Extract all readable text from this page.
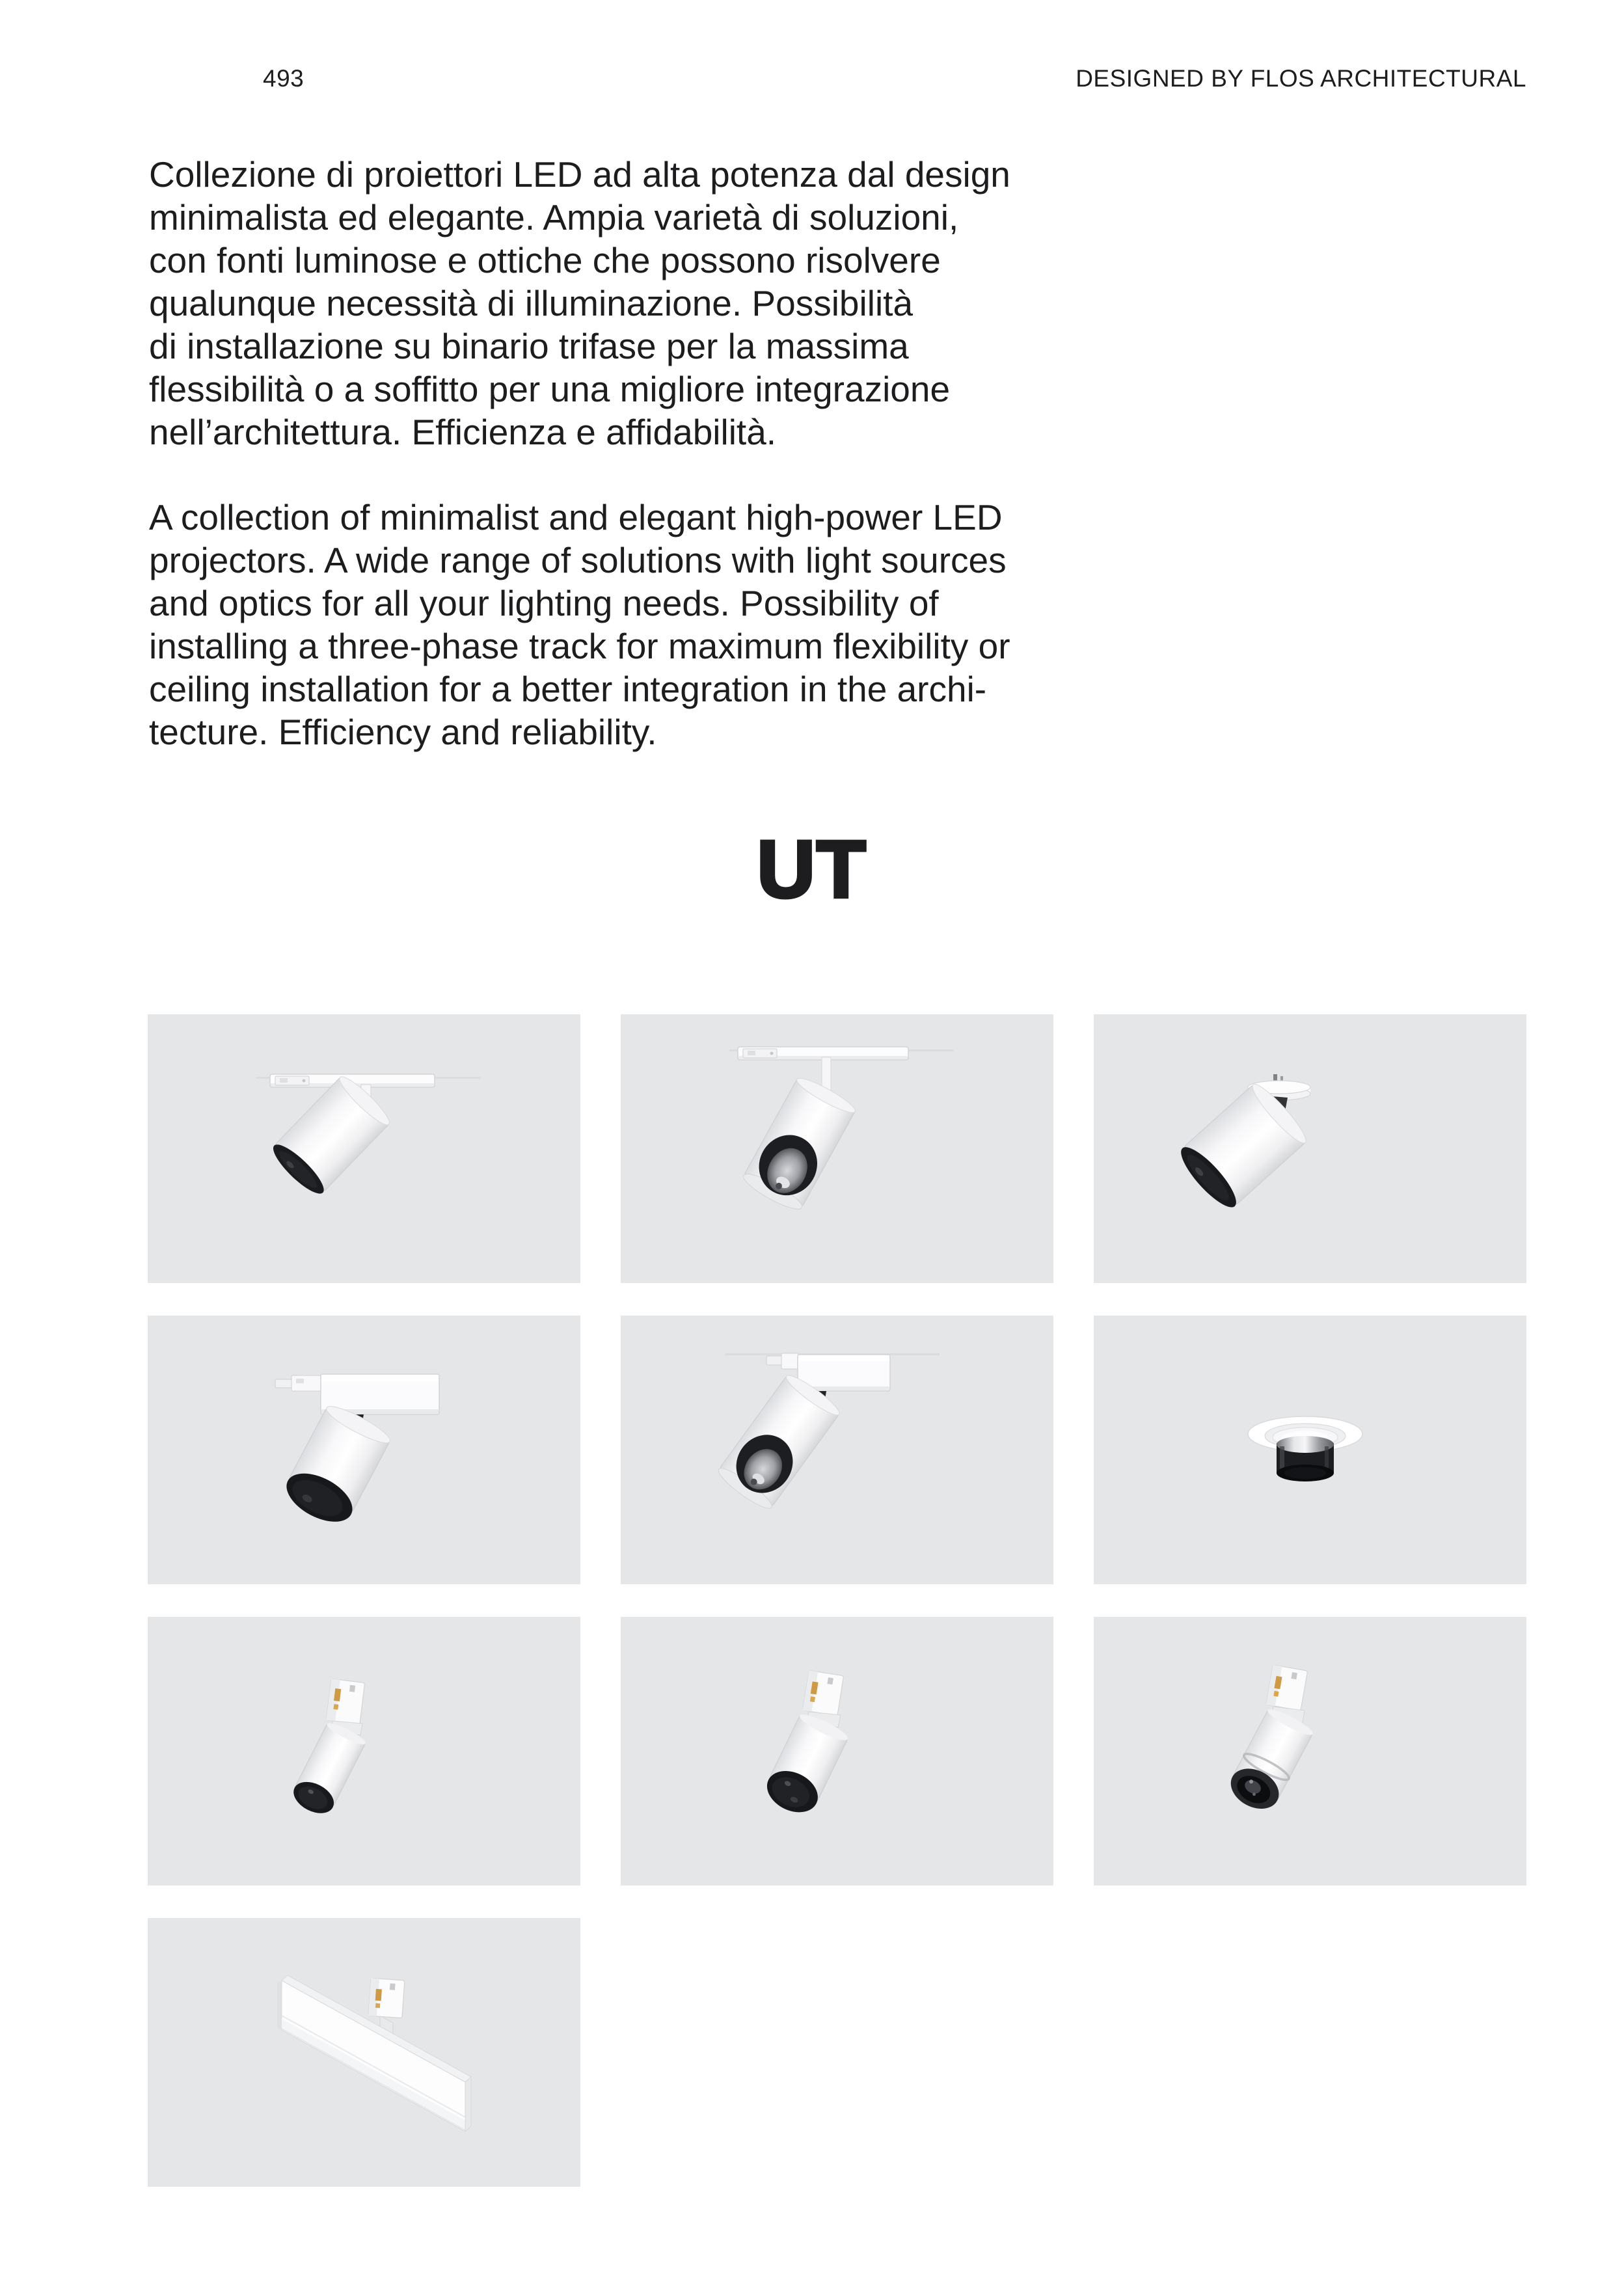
493	DESIGNED BY FLOS ARCHITECTURAL
Collezione di proiettori LED ad alta potenza dal design
minimalista ed elegante. Ampia varietà di soluzioni,
con fonti luminose e ottiche che possono risolvere
qualunque necessità di illuminazione. Possibilità
di installazione su binario trifase per la massima
flessibilità o a soffitto per una migliore integrazione
nell’architettura. Efficienza e affidabilità.
A collection of minimalist and elegant high-power LED
projectors. A wide range of solutions with light sources
and optics for all your lighting needs. Possibility of
installing a three-phase track for maximum flexibility or
ceiling installation for a better integration in the archi-
tecture. Efficiency and reliability.
UT
